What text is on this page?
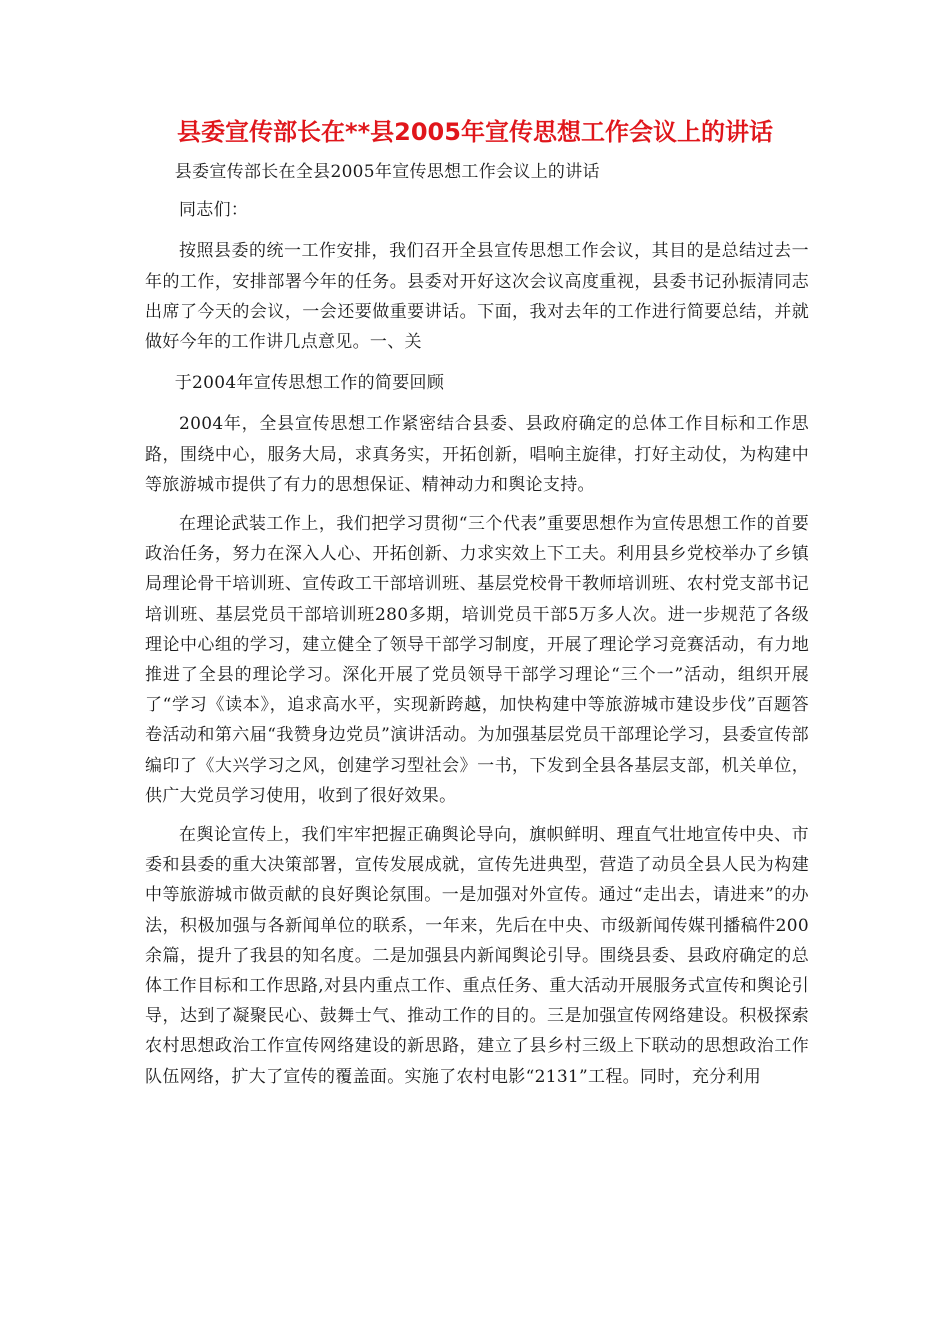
县委宣传部长在**县2005年宣传思想工作会议上的讲话

县委宣传部长在全县2005年宣传思想工作会议上的讲话

同志们：

按照县委的统一工作安排，我们召开全县宣传思想工作会议，其目的是总结过去一年的工作，安排部署今年的任务。县委对开好这次会议高度重视，县委书记孙振清同志出席了今天的会议，一会还要做重要讲话。下面，我对去年的工作进行简要总结，并就做好今年的工作讲几点意见。一、关

于2004年宣传思想工作的简要回顾

2004年，全县宣传思想工作紧密结合县委、县政府确定的总体工作目标和工作思路，围绕中心，服务大局，求真务实，开拓创新，唱响主旋律，打好主动仗，为构建中等旅游城市提供了有力的思想保证、精神动力和舆论支持。

在理论武装工作上，我们把学习贯彻“三个代表”重要思想作为宣传思想工作的首要政治任务，努力在深入人心、开拓创新、力求实效上下工夫。利用县乡党校举办了乡镇局理论骨干培训班、宣传政工干部培训班、基层党校骨干教师培训班、农村党支部书记培训班、基层党员干部培训班280多期，培训党员干部5万多人次。进一步规范了各级理论中心组的学习，建立健全了领导干部学习制度，开展了理论学习竞赛活动，有力地推进了全县的理论学习。深化开展了党员领导干部学习理论“三个一”活动，组织开展了“学习《读本》，追求高水平，实现新跨越，加快构建中等旅游城市建设步伐”百题答卷活动和第六届“我赞身边党员”演讲活动。为加强基层党员干部理论学习，县委宣传部编印了《大兴学习之风，创建学习型社会》一书，下发到全县各基层支部，机关单位，供广大党员学习使用，收到了很好效果。

在舆论宣传上，我们牢牢把握正确舆论导向，旗帜鲜明、理直气壮地宣传中央、市委和县委的重大决策部署，宣传发展成就，宣传先进典型，营造了动员全县人民为构建中等旅游城市做贡献的良好舆论氛围。一是加强对外宣传。通过“走出去，请进来”的办法，积极加强与各新闻单位的联系，一年来，先后在中央、市级新闻传媒刊播稿件200余篇，提升了我县的知名度。二是加强县内新闻舆论引导。围绕县委、县政府确定的总体工作目标和工作思路,对县内重点工作、重点任务、重大活动开展服务式宣传和舆论引导，达到了凝聚民心、鼓舞士气、推动工作的目的。三是加强宣传网络建设。积极探索农村思想政治工作宣传网络建设的新思路，建立了县乡村三级上下联动的思想政治工作队伍网络，扩大了宣传的覆盖面。实施了农村电影“2131”工程。同时，充分利用
